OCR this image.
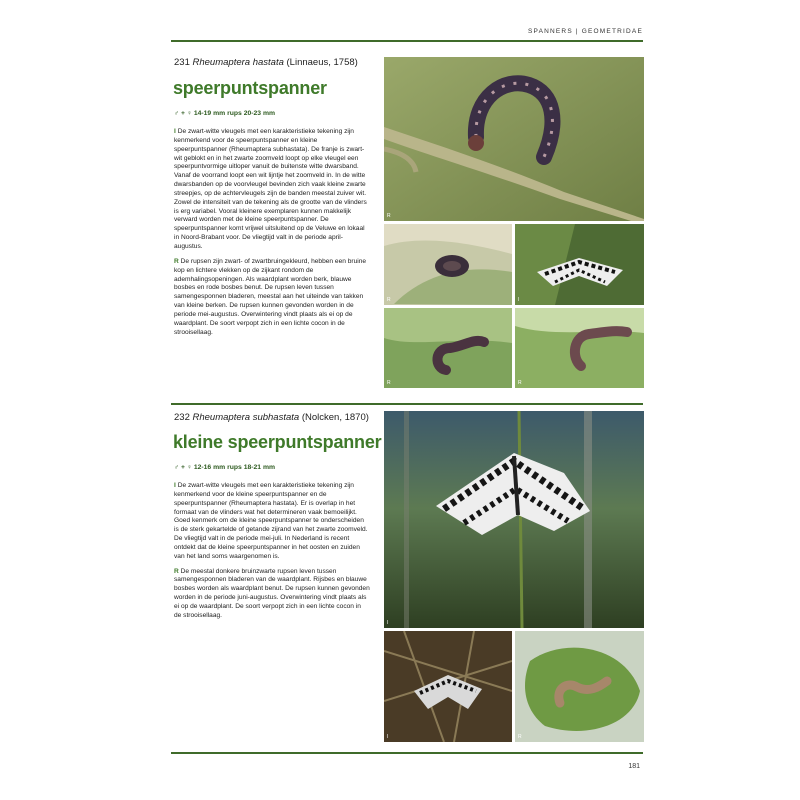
SPANNERS | GEOMETRIDAE
231 Rheumaptera hastata (Linnaeus, 1758)
speerpuntspanner
♂ + ♀ 14-19 mm rups 20-23 mm

I De zwart-witte vleugels met een karakteristieke tekening zijn kenmerkend voor de speerpuntspanner en kleine speerpuntspanner (Rheumaptera subhastata). De franje is zwart-wit geblokt en in het zwarte zoomveld loopt op elke vleugel een speerpuntvormige uitloper vanuit de buitenste witte dwarsband. Vanaf de voorrand loopt een wit lijntje het zoomveld in. In de witte dwarsbanden op de voorvleugel bevinden zich vaak kleine zwarte streepjes, op de achtervleugels zijn de banden meestal zuiver wit. Zowel de intensiteit van de tekening als de grootte van de vlinders is erg variabel. Vooral kleinere exemplaren kunnen makkelijk verward worden met de kleine speerpuntspanner. De speerpuntspanner komt vrijwel uitsluitend op de Veluwe en lokaal in Noord-Brabant voor. De vliegtijd valt in de periode april-augustus.

R De rupsen zijn zwart- of zwartbruingekleurd, hebben een bruine kop en lichtere vlekken op de zijkant rondom de ademhalingsopeningen. Als waardplant worden berk, blauwe bosbes en rode bosbes benut. De rupsen leven tussen samengesponnen bladeren, meestal aan het uiteinde van takken van kleine berken. De rupsen kunnen gevonden worden in de periode mei-augustus. Overwintering vindt plaats als ei op de waardplant. De soort verpopt zich in een lichte cocon in de strooisellaag.

R
R	I
R	R
232 Rheumaptera subhastata (Nolcken, 1870)
kleine speerpuntspanner
♂ + ♀ 12-16 mm rups 18-21 mm

I De zwart-witte vleugels met een karakteristieke tekening zijn kenmerkend voor de kleine speerpuntspanner en de speerpuntspanner (Rheumaptera hastata). Er is overlap in het formaat van de vlinders wat het determineren vaak bemoeilijkt. Goed kenmerk om de kleine speerpuntspanner te onderscheiden is de sterk gekartelde of getande zijrand van het zwarte zoomveld. De vliegtijd valt in de periode mei-juli. In Nederland is recent ontdekt dat de kleine speerpuntspanner in het oosten en zuiden van het land soms waargenomen is.

R De meestal donkere bruinzwarte rupsen leven tussen samengesponnen bladeren van de waardplant. Rijsbes en blauwe bosbes worden als waardplant benut. De rupsen kunnen gevonden worden in de periode juni-augustus. Overwintering vindt plaats als ei op de waardplant. De soort verpopt zich in een lichte cocon in de strooisellaag.

I
I	R
181
